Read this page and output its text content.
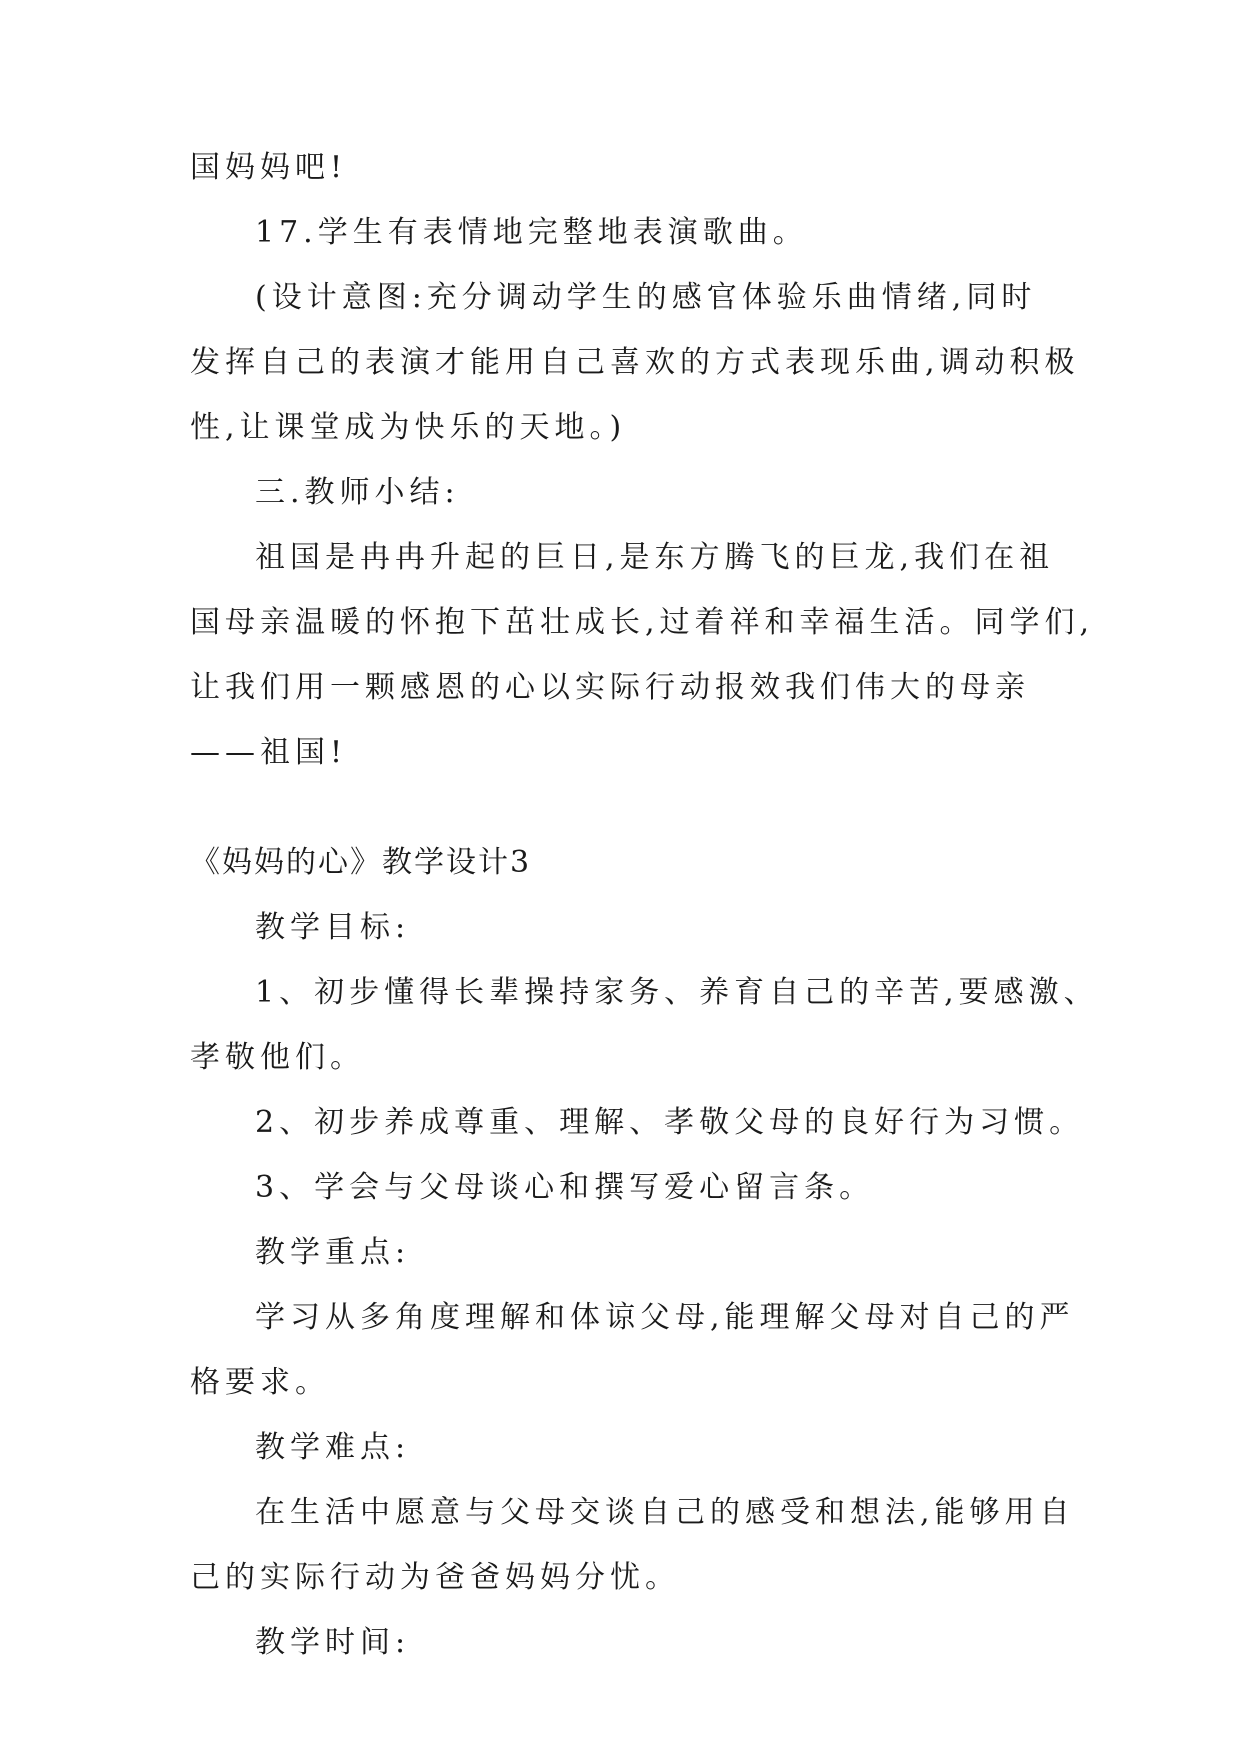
国妈妈吧!
17.学生有表情地完整地表演歌曲。
(设计意图:充分调动学生的感官体验乐曲情绪,同时
发挥自己的表演才能用自己喜欢的方式表现乐曲,调动积极
性,让课堂成为快乐的天地。)
三.教师小结:
祖国是冉冉升起的巨日,是东方腾飞的巨龙,我们在祖
国母亲温暖的怀抱下茁壮成长,过着祥和幸福生活。同学们,
让我们用一颗感恩的心以实际行动报效我们伟大的母亲
——祖国!
《妈妈的心》教学设计3
教学目标:
1、初步懂得长辈操持家务、养育自己的辛苦,要感激、
孝敬他们。
2、初步养成尊重、理解、孝敬父母的良好行为习惯。
3、学会与父母谈心和撰写爱心留言条。
教学重点:
学习从多角度理解和体谅父母,能理解父母对自己的严
格要求。
教学难点:
在生活中愿意与父母交谈自己的感受和想法,能够用自
己的实际行动为爸爸妈妈分忧。
教学时间:
